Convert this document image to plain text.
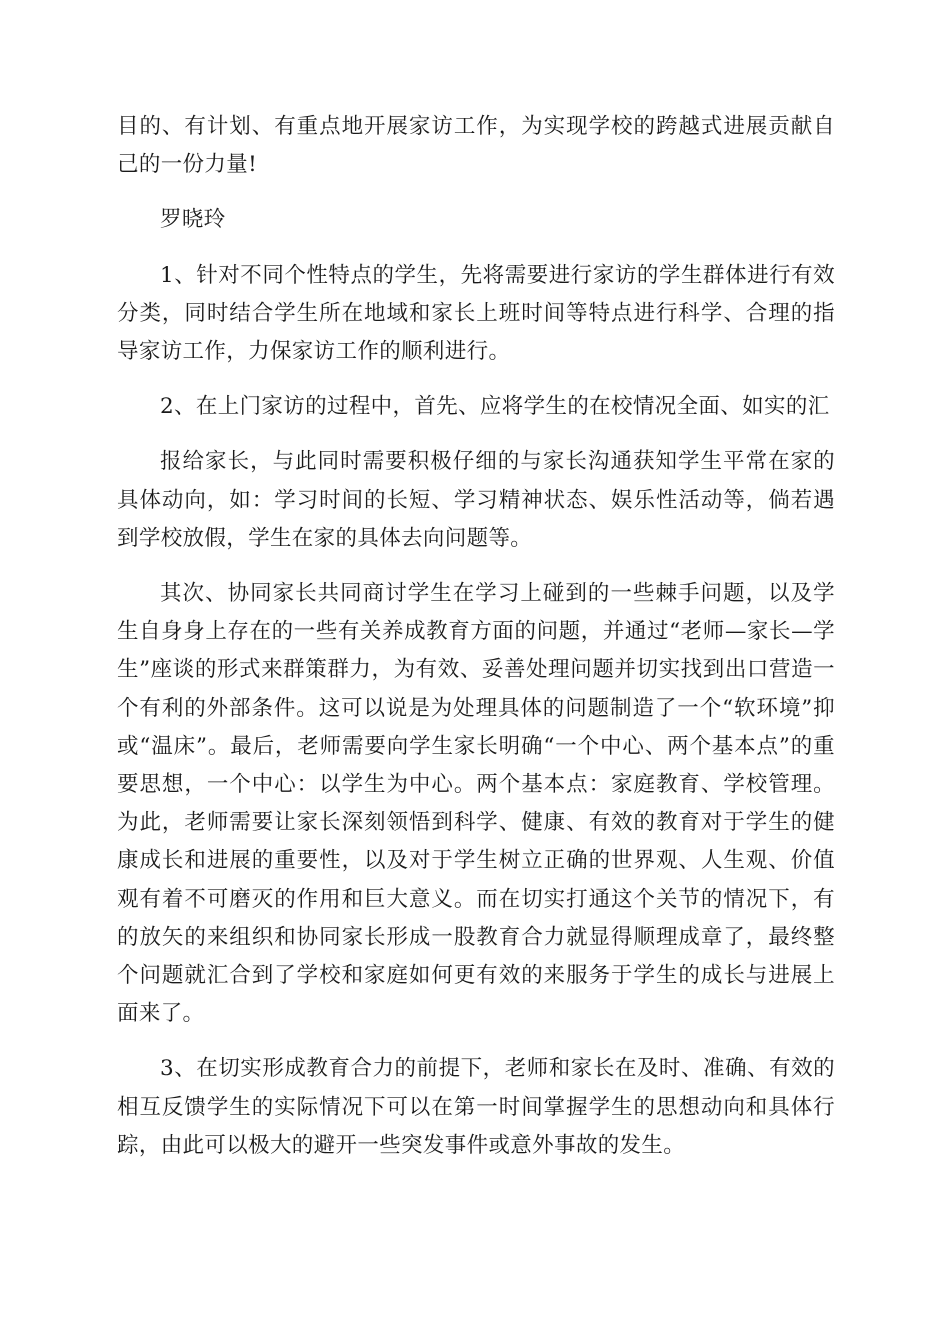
目的、有计划、有重点地开展家访工作，为实现学校的跨越式进展贡献自己的一份力量!

罗晓玲

1、针对不同个性特点的学生，先将需要进行家访的学生群体进行有效分类，同时结合学生所在地域和家长上班时间等特点进行科学、合理的指导家访工作，力保家访工作的顺利进行。

2、在上门家访的过程中，首先、应将学生的在校情况全面、如实的汇

报给家长，与此同时需要积极仔细的与家长沟通获知学生平常在家的具体动向，如：学习时间的长短、学习精神状态、娱乐性活动等，倘若遇到学校放假，学生在家的具体去向问题等。

其次、协同家长共同商讨学生在学习上碰到的一些棘手问题，以及学生自身身上存在的一些有关养成教育方面的问题，并通过“老师—家长—学生”座谈的形式来群策群力，为有效、妥善处理问题并切实找到出口营造一个有利的外部条件。这可以说是为处理具体的问题制造了一个“软环境”抑或“温床”。最后，老师需要向学生家长明确“一个中心、两个基本点”的重要思想，一个中心：以学生为中心。两个基本点：家庭教育、学校管理。为此，老师需要让家长深刻领悟到科学、健康、有效的教育对于学生的健康成长和进展的重要性，以及对于学生树立正确的世界观、人生观、价值观有着不可磨灭的作用和巨大意义。而在切实打通这个关节的情况下，有的放矢的来组织和协同家长形成一股教育合力就显得顺理成章了，最终整个问题就汇合到了学校和家庭如何更有效的来服务于学生的成长与进展上面来了。

3、在切实形成教育合力的前提下，老师和家长在及时、准确、有效的相互反馈学生的实际情况下可以在第一时间掌握学生的思想动向和具体行踪，由此可以极大的避开一些突发事件或意外事故的发生。
